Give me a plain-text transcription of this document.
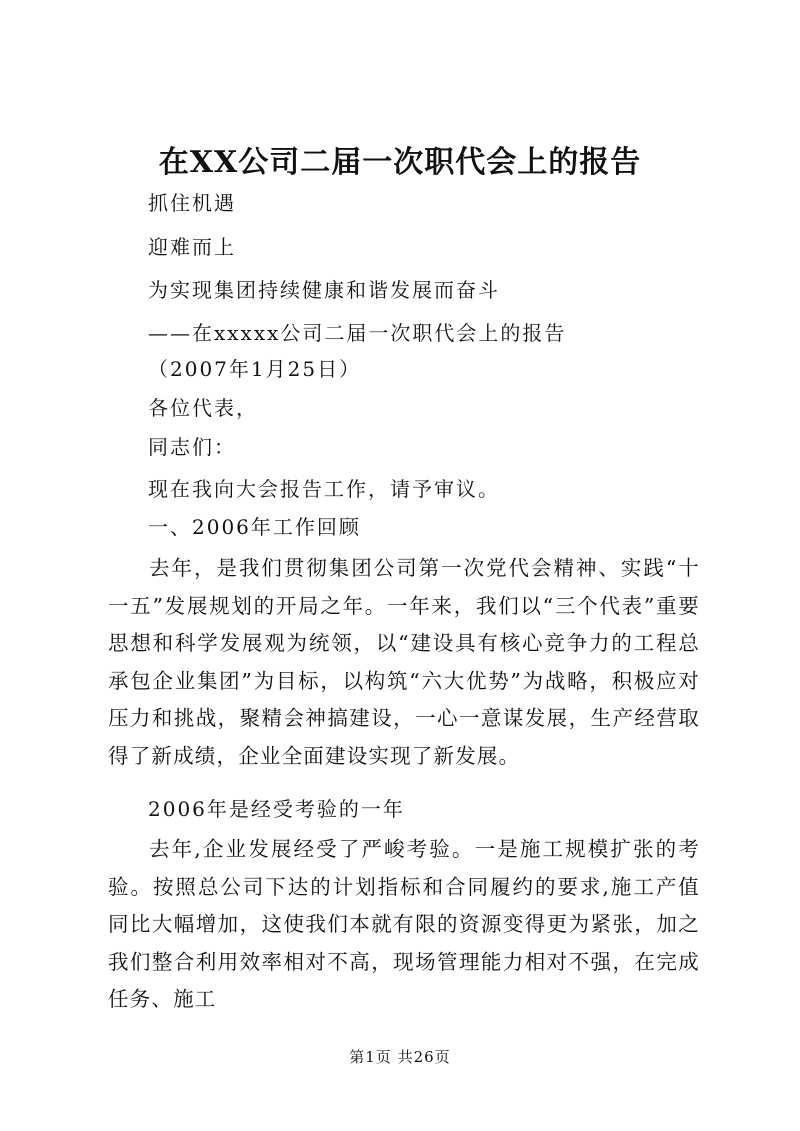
在XX公司二届一次职代会上的报告
抓住机遇
迎难而上
为实现集团持续健康和谐发展而奋斗
——在xxxxx公司二届一次职代会上的报告
（2007年1月25日）
各位代表，
同志们：
现在我向大会报告工作，请予审议。
一、2006年工作回顾

去年，是我们贯彻集团公司第一次党代会精神、实践“十一五”发展规划的开局之年。一年来，我们以“三个代表”重要思想和科学发展观为统领，以“建设具有核心竞争力的工程总承包企业集团”为目标，以构筑“六大优势”为战略，积极应对压力和挑战，聚精会神搞建设，一心一意谋发展，生产经营取得了新成绩，企业全面建设实现了新发展。

2006年是经受考验的一年

去年,企业发展经受了严峻考验。一是施工规模扩张的考验。按照总公司下达的计划指标和合同履约的要求,施工产值同比大幅增加，这使我们本就有限的资源变得更为紧张，加之我们整合利用效率相对不高，现场管理能力相对不强，在完成任务、施工

第1页 共26页
